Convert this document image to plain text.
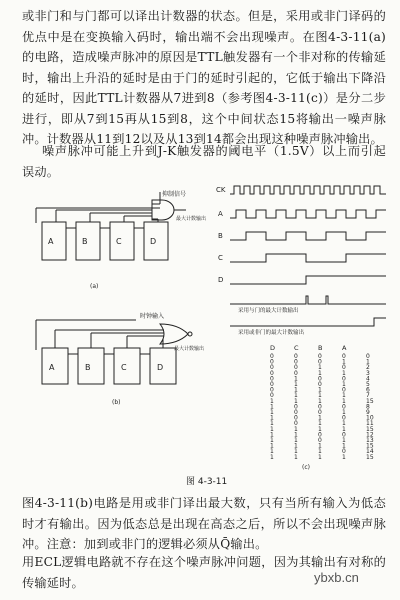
或非门和与门都可以译出计数器的状态。但是，采用或非门译码的优点中是在变换输入码时，输出端不会出现噪声。在图4-3-11(a)的电路，造成噪声脉冲的原因是TTL触发器有一个非对称的传输延时，输出上升沿的延时是由于门的延时引起的，它低于输出下降沿的延时，因此TTL计数器从7进到8（参考图4-3-11(c)）是分二步进行，即从7到15再从15到8，这个中间状态15将输出一噪声脉冲。计数器从11到12以及从13到14都会出现这种噪声脉冲输出。
噪声脉冲可能上升到J-K触发器的阈电平（1.5V）以上而引起误动。
A	B	C	D
抑制信号
最大计数输出
(a)
A	B	C	D
时钟输入
最大计数输出
(b)
CK
A
B
C
D
采用与门的最大计数输出
采用或非门的最大计数输出
D	C	B	A
0	0	0	0	0
0	0	0	1	1
0	0	1	0	2
0	0	1	1	3
0	1	0	0	4
0	1	0	1	5
0	1	1	0	6
0	1	1	1	7
1	1	1	1	15
1	0	0	0	8
1	0	0	1	9
1	0	1	0	10
1	0	1	1	11
1	1	1	1	15
1	1	0	0	12
1	1	0	1	13
1	1	1	1	15
1	1	1	0	14
1	1	1	1	15
(c)
图 4-3-11
图4-3-11(b)电路是用或非门译出最大数，只有当所有输入为低态时才有输出。因为低态总是出现在高态之后，所以不会出现噪声脉冲。注意：加到或非门的逻辑必须从Q̄输出。
用ECL逻辑电路就不存在这个噪声脉冲问题，因为其输出有对称的传输延时。	ybxb.cn
